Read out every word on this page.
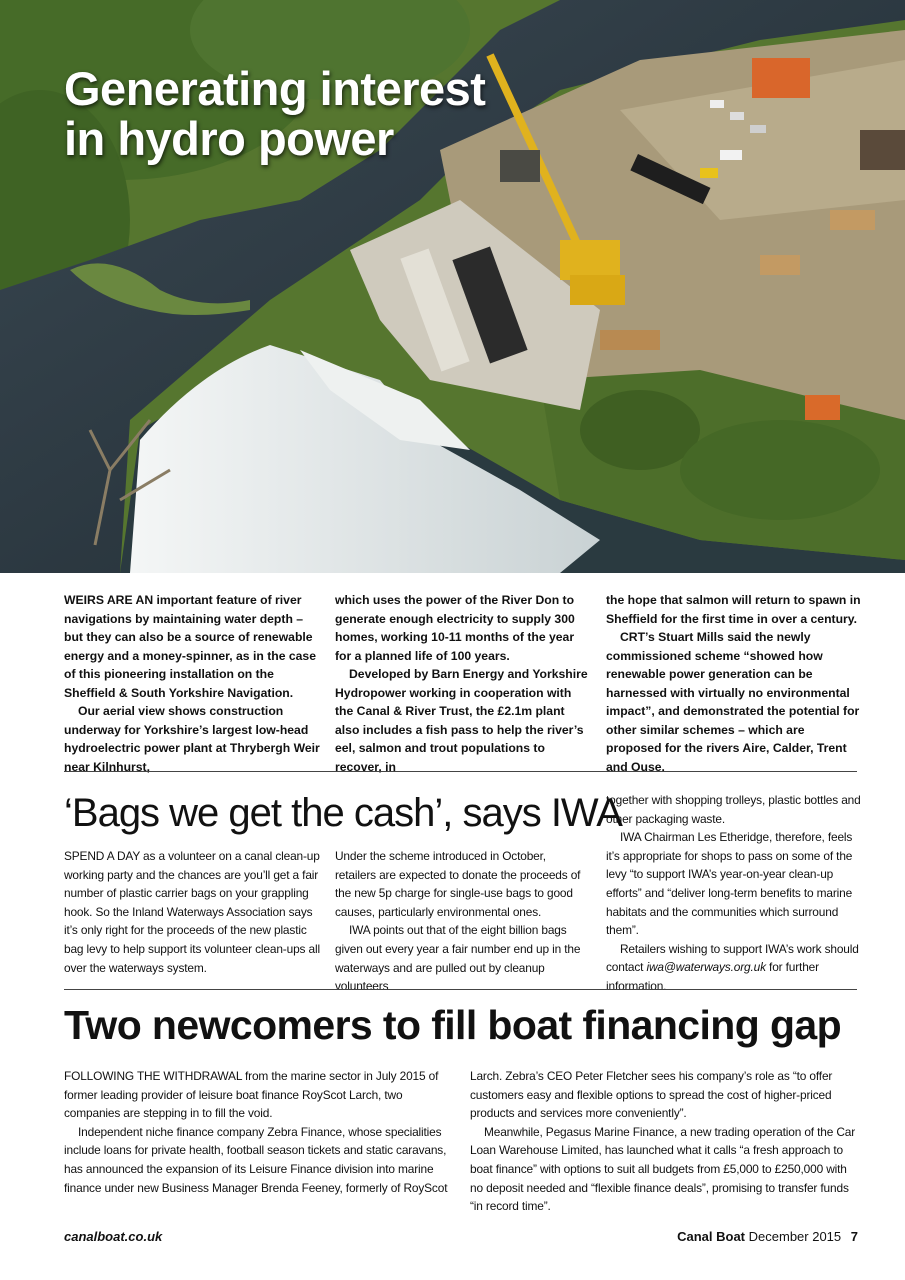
Generating interest
in hydro power

WEIRS ARE AN important feature of river navigations by maintaining water depth – but they can also be a source of renewable energy and a money-spinner, as in the case of this pioneering installation on the Sheffield & South Yorkshire Navigation.

Our aerial view shows construction underway for Yorkshire’s largest low-head hydroelectric power plant at Thrybergh Weir near Kilnhurst,

which uses the power of the River Don to generate enough electricity to supply 300 homes, working 10-11 months of the year for a planned life of 100 years.

Developed by Barn Energy and Yorkshire Hydropower working in cooperation with the Canal & River Trust, the £2.1m plant also includes a fish pass to help the river’s eel, salmon and trout populations to recover, in

the hope that salmon will return to spawn in Sheffield for the first time in over a century.

CRT’s Stuart Mills said the newly commissioned scheme “showed how renewable power generation can be harnessed with virtually no environmental impact”, and demonstrated the potential for other similar schemes – which are proposed for the rivers Aire, Calder, Trent and Ouse.

‘Bags we get the cash’, says IWA

SPEND A DAY as a volunteer on a canal clean-up working party and the chances are you’ll get a fair number of plastic carrier bags on your grappling hook. So the Inland Waterways Association says it’s only right for the proceeds of the new plastic bag levy to help support its volunteer clean-ups all over the waterways system.

Under the scheme introduced in October, retailers are expected to donate the proceeds of the new 5p charge for single-use bags to good causes, particularly environmental ones.

IWA points out that of the eight billion bags given out every year a fair number end up in the waterways and are pulled out by cleanup volunteers

together with shopping trolleys, plastic bottles and other packaging waste.

IWA Chairman Les Etheridge, therefore, feels it’s appropriate for shops to pass on some of the levy “to support IWA’s year-on-year clean-up efforts” and “deliver long-term benefits to marine habitats and the communities which surround them”.

Retailers wishing to support IWA’s work should contact iwa@waterways.org.uk for further information.

Two newcomers to fill boat financing gap

FOLLOWING THE WITHDRAWAL from the marine sector in July 2015 of former leading provider of leisure boat finance RoyScot Larch, two companies are stepping in to fill the void.

Independent niche finance company Zebra Finance, whose specialities include loans for private health, football season tickets and static caravans, has announced the expansion of its Leisure Finance division into marine finance under new Business Manager Brenda Feeney, formerly of RoyScot

Larch. Zebra’s CEO Peter Fletcher sees his company’s role as “to offer customers easy and flexible options to spread the cost of higher-priced products and services more conveniently”.

Meanwhile, Pegasus Marine Finance, a new trading operation of the Car Loan Warehouse Limited, has launched what it calls “a fresh approach to boat finance” with options to suit all budgets from £5,000 to £250,000 with no deposit needed and “flexible finance deals”, promising to transfer funds “in record time”.

canalboat.co.uk	Canal Boat December 2015 7
